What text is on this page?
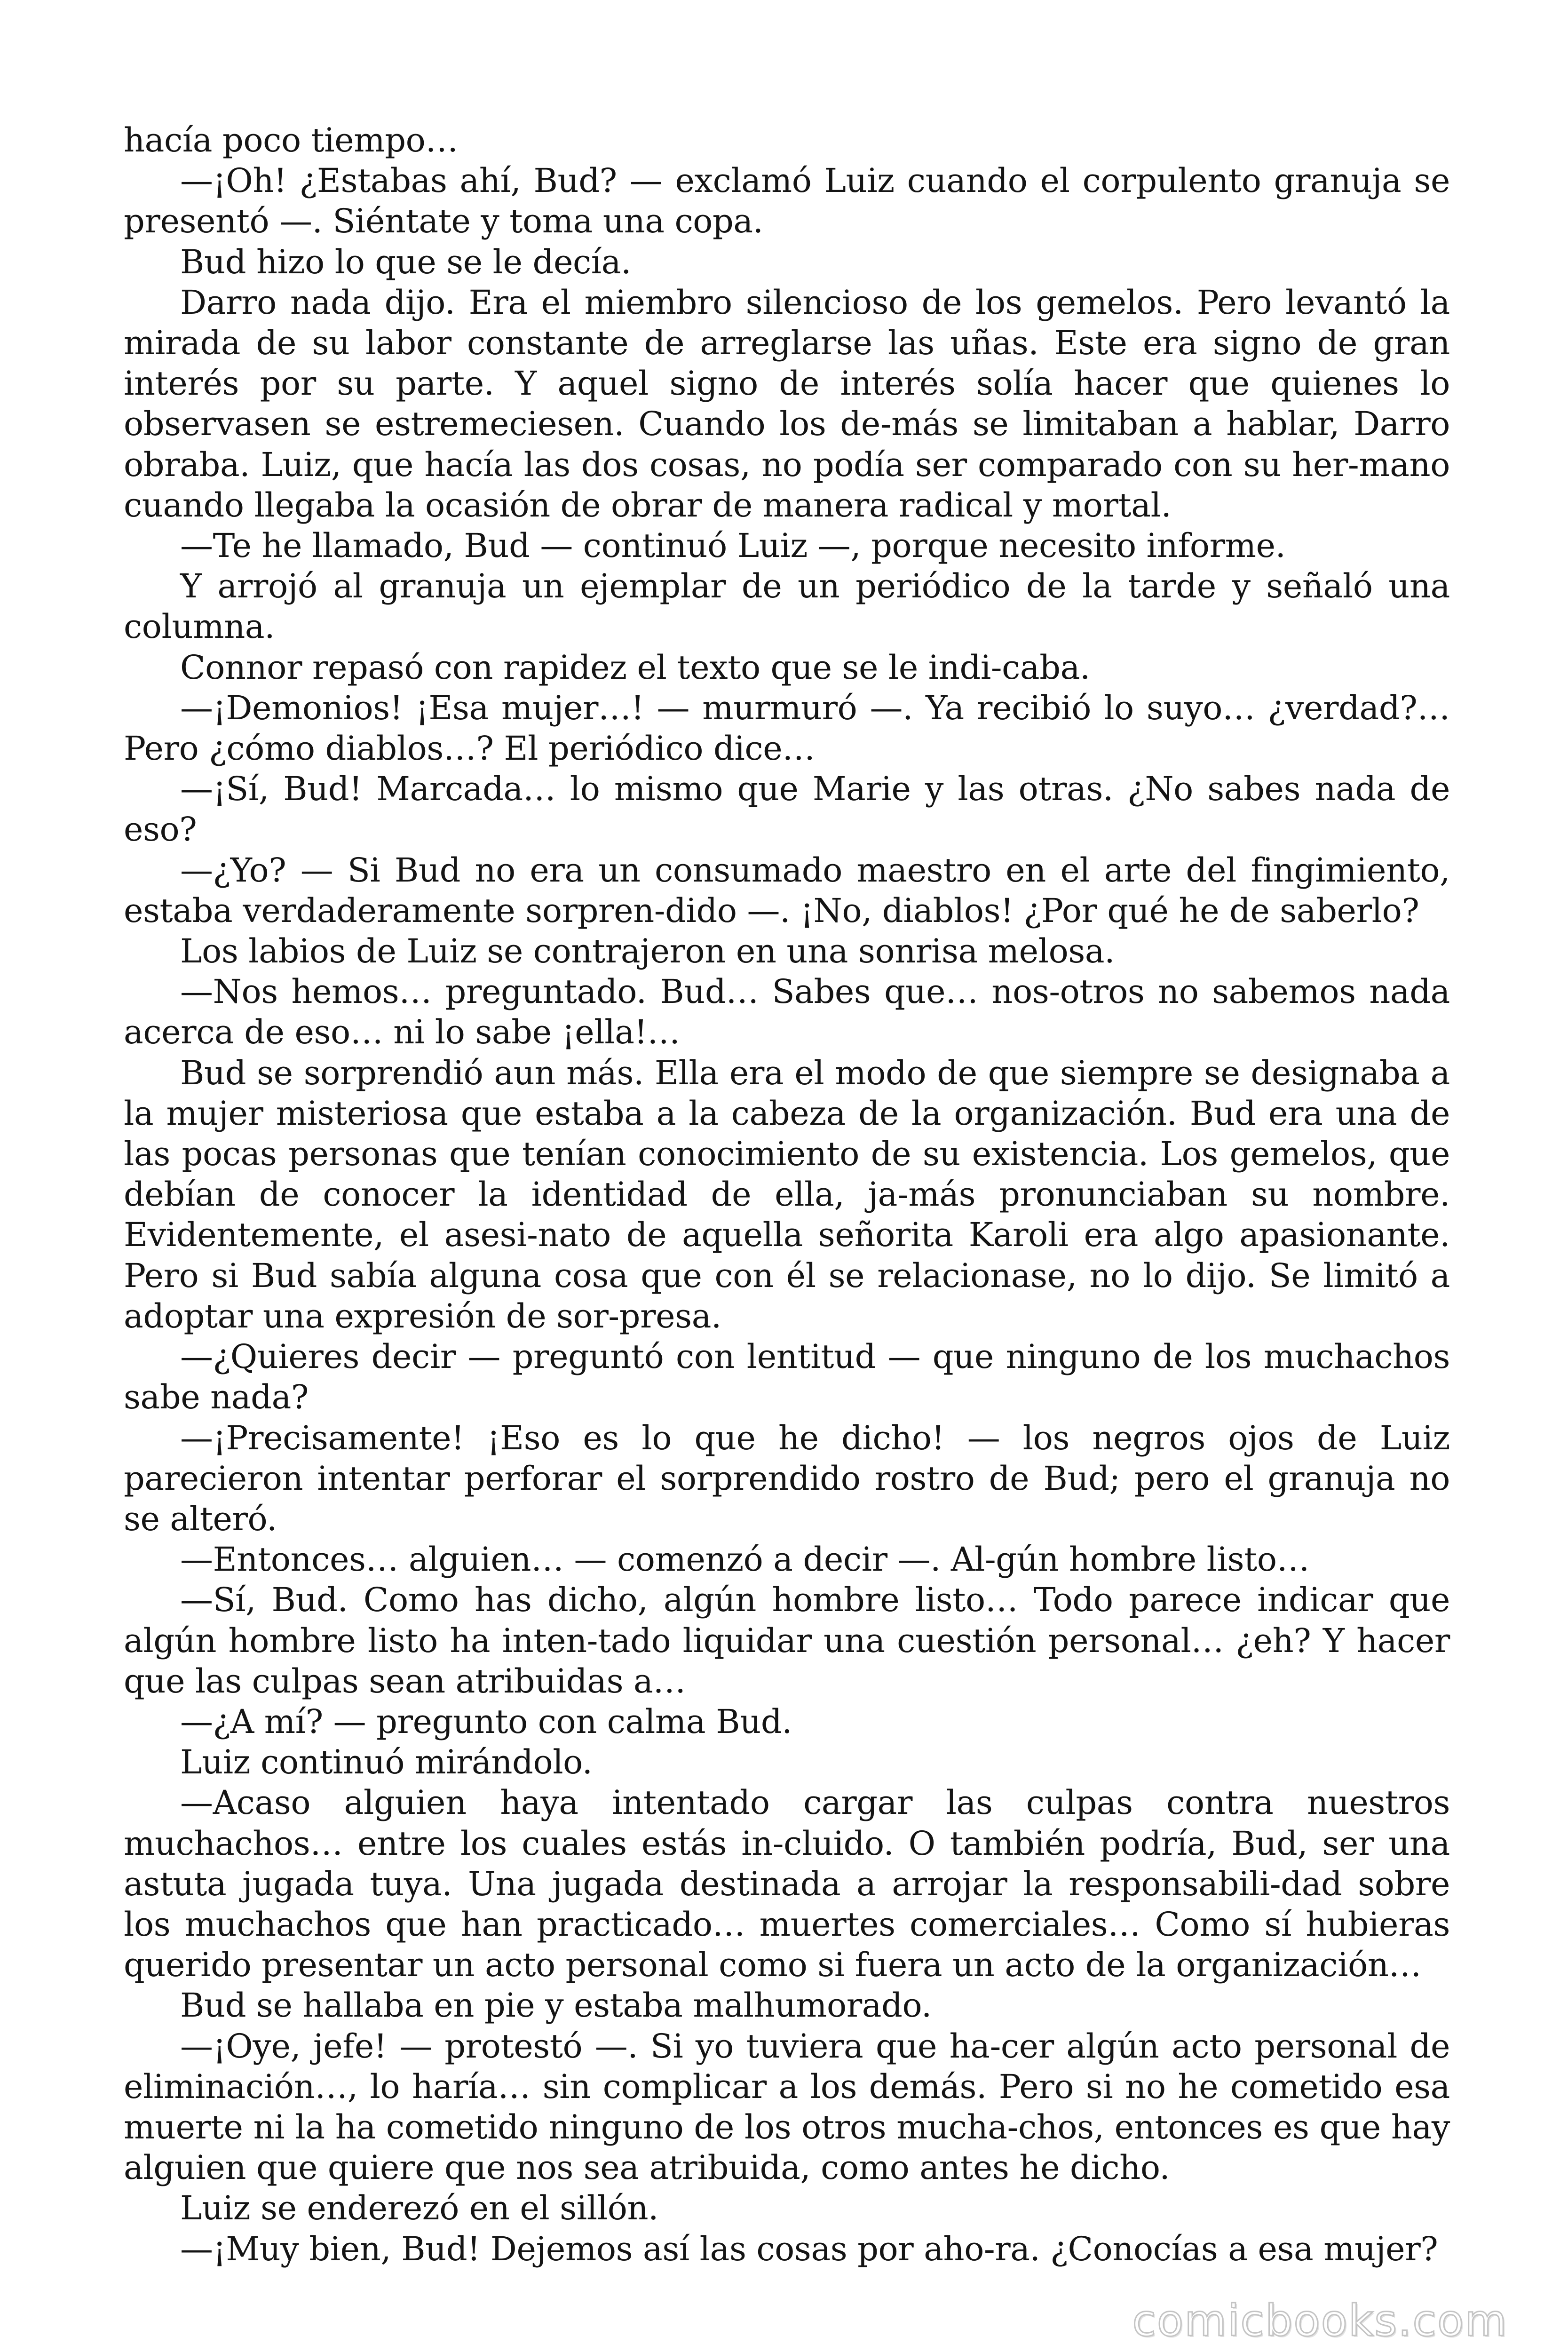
hacía poco tiempo…

—¡Oh! ¿Estabas ahí, Bud? — exclamó Luiz cuando el corpulento granuja se presentó —. Siéntate y toma una copa.

Bud hizo lo que se le decía.

Darro nada dijo. Era el miembro silencioso de los gemelos. Pero levantó la mirada de su labor constante de arreglarse las uñas. Este era signo de gran interés por su parte. Y aquel signo de interés solía hacer que quienes lo observasen se estremeciesen. Cuando los de-más se limitaban a hablar, Darro obraba. Luiz, que hacía las dos cosas, no podía ser comparado con su her-mano cuando llegaba la ocasión de obrar de manera radical y mortal.

—Te he llamado, Bud — continuó Luiz —, porque necesito informe.

Y arrojó al granuja un ejemplar de un periódico de la tarde y señaló una columna.

Connor repasó con rapidez el texto que se le indi-caba.

—¡Demonios! ¡Esa mujer…! — murmuró —. Ya recibió lo suyo… ¿verdad?… Pero ¿cómo diablos…? El periódico dice…

—¡Sí, Bud! Marcada… lo mismo que Marie y las otras. ¿No sabes nada de eso?

—¿Yo? — Si Bud no era un consumado maestro en el arte del fingimiento, estaba verdaderamente sorpren-dido —. ¡No, diablos! ¿Por qué he de saberlo?

Los labios de Luiz se contrajeron en una sonrisa melosa.

—Nos hemos… preguntado. Bud… Sabes que… nos-otros no sabemos nada acerca de eso… ni lo sabe ¡ella!…

Bud se sorprendió aun más. Ella era el modo de que siempre se designaba a la mujer misteriosa que estaba a la cabeza de la organización. Bud era una de las pocas personas que tenían conocimiento de su existencia. Los gemelos, que debían de conocer la identidad de ella, ja-más pronunciaban su nombre. Evidentemente, el asesi-nato de aquella señorita Karoli era algo apasionante. Pero si Bud sabía alguna cosa que con él se relacionase, no lo dijo. Se limitó a adoptar una expresión de sor-presa.

—¿Quieres decir — preguntó con lentitud — que ninguno de los muchachos sabe nada?

—¡Precisamente! ¡Eso es lo que he dicho! — los negros ojos de Luiz parecieron intentar perforar el sorprendido rostro de Bud; pero el granuja no se alteró.

—Entonces… alguien… — comenzó a decir —. Al-gún hombre listo…

—Sí, Bud. Como has dicho, algún hombre listo… Todo parece indicar que algún hombre listo ha inten-tado liquidar una cuestión personal… ¿eh? Y hacer que las culpas sean atribuidas a…

—¿A mí? — pregunto con calma Bud.

Luiz continuó mirándolo.

—Acaso alguien haya intentado cargar las culpas contra nuestros muchachos… entre los cuales estás in-cluido. O también podría, Bud, ser una astuta jugada tuya. Una jugada destinada a arrojar la responsabili-dad sobre los muchachos que han practicado… muertes comerciales… Como sí hubieras querido presentar un acto personal como si fuera un acto de la organización…

Bud se hallaba en pie y estaba malhumorado.

—¡Oye, jefe! — protestó —. Si yo tuviera que ha-cer algún acto personal de eliminación…, lo haría… sin complicar a los demás. Pero si no he cometido esa muerte ni la ha cometido ninguno de los otros mucha-chos, entonces es que hay alguien que quiere que nos sea atribuida, como antes he dicho.

Luiz se enderezó en el sillón.

—¡Muy bien, Bud! Dejemos así las cosas por aho-ra. ¿Conocías a esa mujer?

comicbooks.com
